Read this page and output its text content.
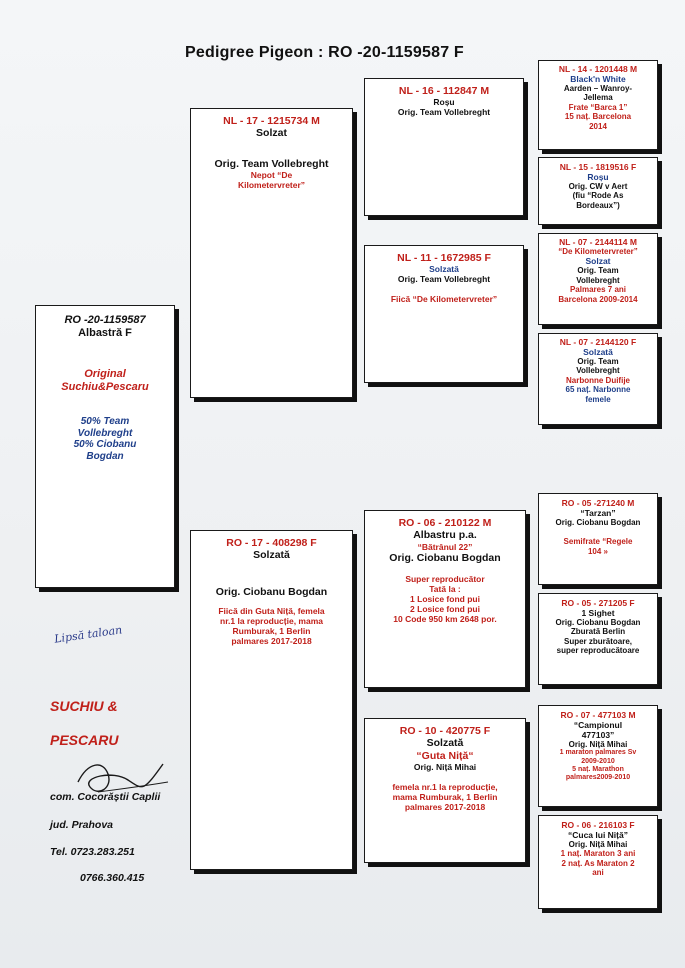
Pedigree Pigeon : RO -20-1159587 F
RO -20-1159587
Albastră F
Original
Suchiu&Pescaru
50% Team
Vollebreght
50% Ciobanu
Bogdan
NL - 17 - 1215734 M
Solzat
Orig. Team Vollebreght
Nepot “De
Kilometervreter”
RO - 17 - 408298 F
Solzată
Orig. Ciobanu Bogdan
Fiică din Guta Niță, femela
nr.1 la reproducție, mama
Rumburak, 1 Berlin
palmares 2017-2018
NL - 16 - 112847 M
Roșu
Orig. Team Vollebreght
NL - 11 - 1672985 F
Solzată
Orig. Team Vollebreght
Fiică “De Kilometervreter”
RO - 06 - 210122 M
Albastru p.a.
“Bătrânul 22”
Orig. Ciobanu Bogdan
Super reproducător
Tată la :
1 Losice fond pui
2 Losice fond pui
10 Code 950 km 2648 por.
RO - 10 - 420775 F
Solzată
“Guta Niță“
Orig. Niță Mihai
femela nr.1 la reproducție,
mama Rumburak, 1 Berlin
palmares 2017-2018
NL - 14 - 1201448 M
Black'n White
Aarden – Wanroy-
Jellema
Frate “Barca 1”
15 naț. Barcelona
2014
NL - 15 - 1819516 F
Roșu
Orig. CW v Aert
(fiu “Rode As
Bordeaux”)
NL - 07 - 2144114 M
“De Kilometervreter”
Solzat
Orig. Team
Vollebreght
Palmares 7 ani
Barcelona 2009-2014
NL - 07 - 2144120 F
Solzată
Orig. Team
Vollebreght
Narbonne Duifije
65 naț. Narbonne
femele
RO - 05 -271240 M
“Tarzan”
Orig. Ciobanu Bogdan
Semifrate “Regele
104 »
RO - 05 - 271205 F
1 Sighet
Orig. Ciobanu Bogdan
Zburată Berlin
Super zburătoare,
super reproducătoare
RO - 07 - 477103 M
“Campionul
477103”
Orig. Niță Mihai
1 maraton palmares Sv
2009-2010
5 naț. Marathon
palmares2009-2010
RO - 06 - 216103 F
“Cuca lui Niță”
Orig. Niță Mihai
1 naț. Maraton 3 ani
2 naț. As Maraton 2
ani
Lipsă taloan
SUCHIU &
PESCARU
com. Cocorăștii Caplii
jud. Prahova
Tel. 0723.283.251
0766.360.415
